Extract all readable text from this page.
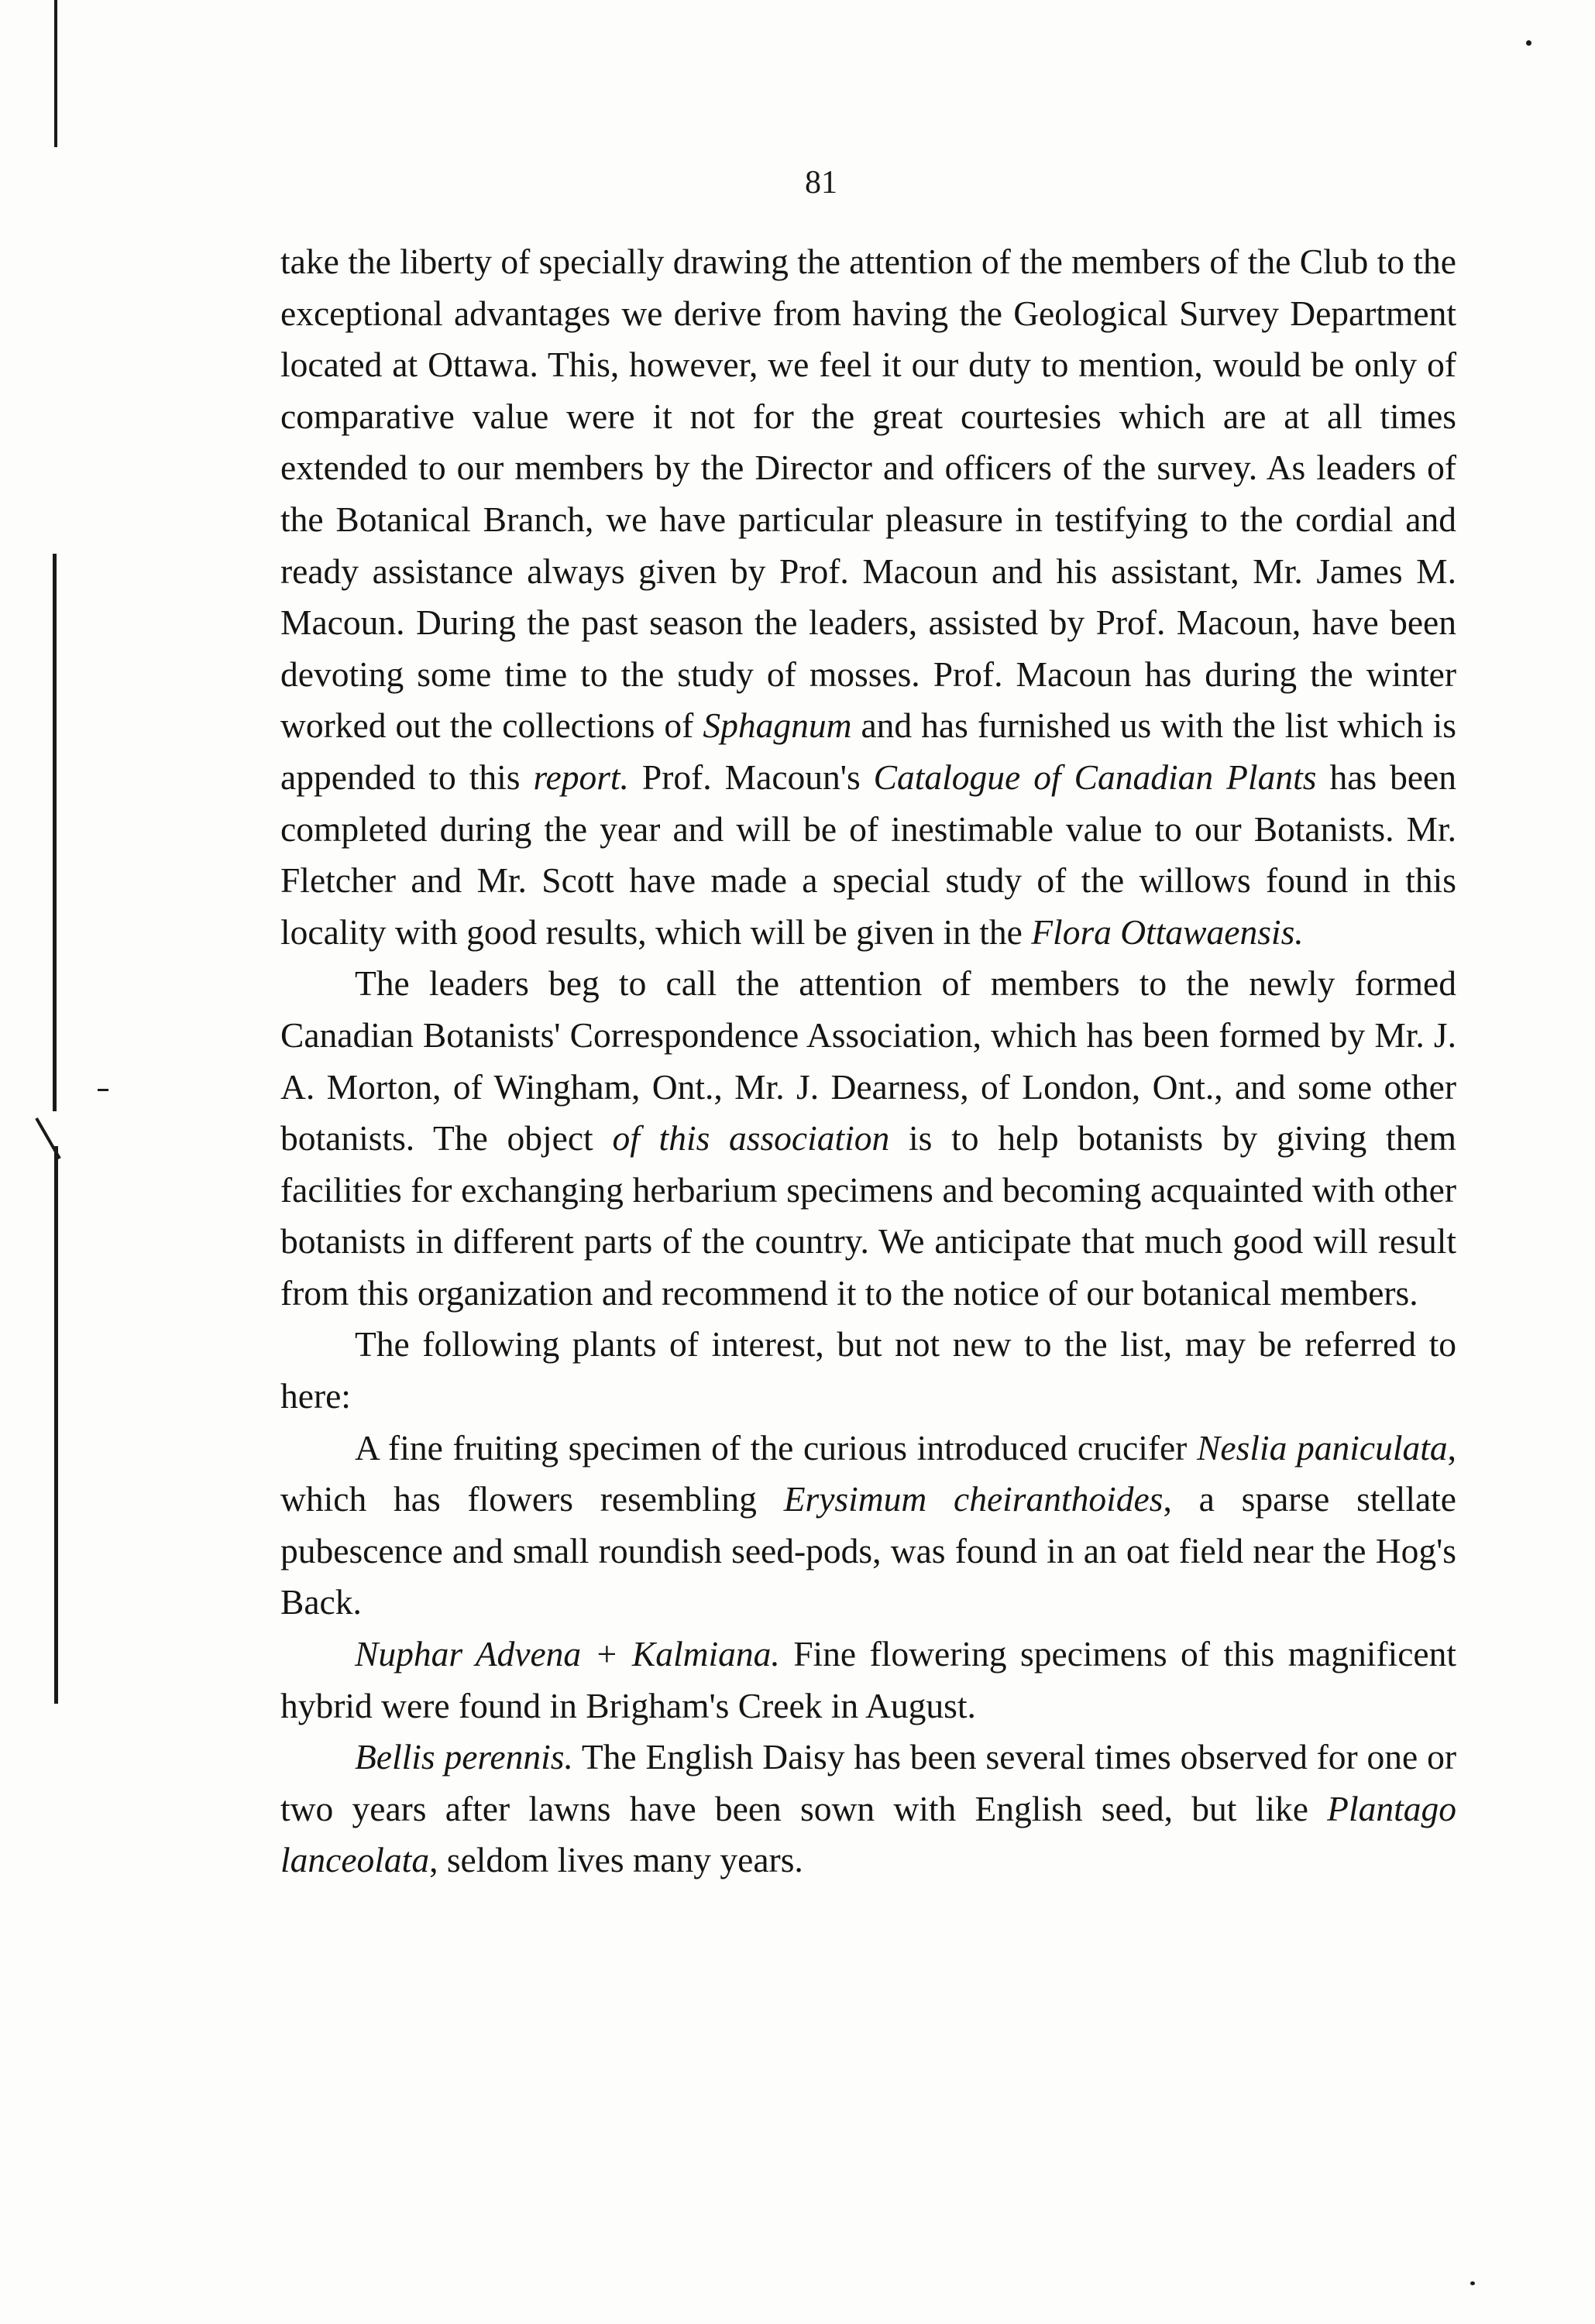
81

take the liberty of specially drawing the attention of the members of the Club to the exceptional advantages we derive from having the Geological Survey Department located at Ottawa. This, however, we feel it our duty to mention, would be only of comparative value were it not for the great courtesies which are at all times extended to our members by the Director and officers of the survey. As leaders of the Botanical Branch, we have particular pleasure in testifying to the cordial and ready assistance always given by Prof. Macoun and his assistant, Mr. James M. Macoun. During the past season the leaders, assisted by Prof. Macoun, have been devoting some time to the study of mosses. Prof. Macoun has during the winter worked out the collections of Sphagnum and has furnished us with the list which is appended to this report. Prof. Macoun's Catalogue of Canadian Plants has been completed during the year and will be of inestimable value to our Botanists. Mr. Fletcher and Mr. Scott have made a special study of the willows found in this locality with good results, which will be given in the Flora Ottawaensis.

The leaders beg to call the attention of members to the newly formed Canadian Botanists' Correspondence Association, which has been formed by Mr. J. A. Morton, of Wingham, Ont., Mr. J. Dearness, of London, Ont., and some other botanists. The object of this association is to help botanists by giving them facilities for exchanging herbarium specimens and becoming acquainted with other botanists in different parts of the country. We anticipate that much good will result from this organization and recommend it to the notice of our botanical members.

The following plants of interest, but not new to the list, may be referred to here:

A fine fruiting specimen of the curious introduced crucifer Neslia paniculata, which has flowers resembling Erysimum cheiranthoides, a sparse stellate pubescence and small roundish seed-pods, was found in an oat field near the Hog's Back.

Nuphar Advena + Kalmiana. Fine flowering specimens of this magnificent hybrid were found in Brigham's Creek in August.

Bellis perennis. The English Daisy has been several times observed for one or two years after lawns have been sown with English seed, but like Plantago lanceolata, seldom lives many years.
